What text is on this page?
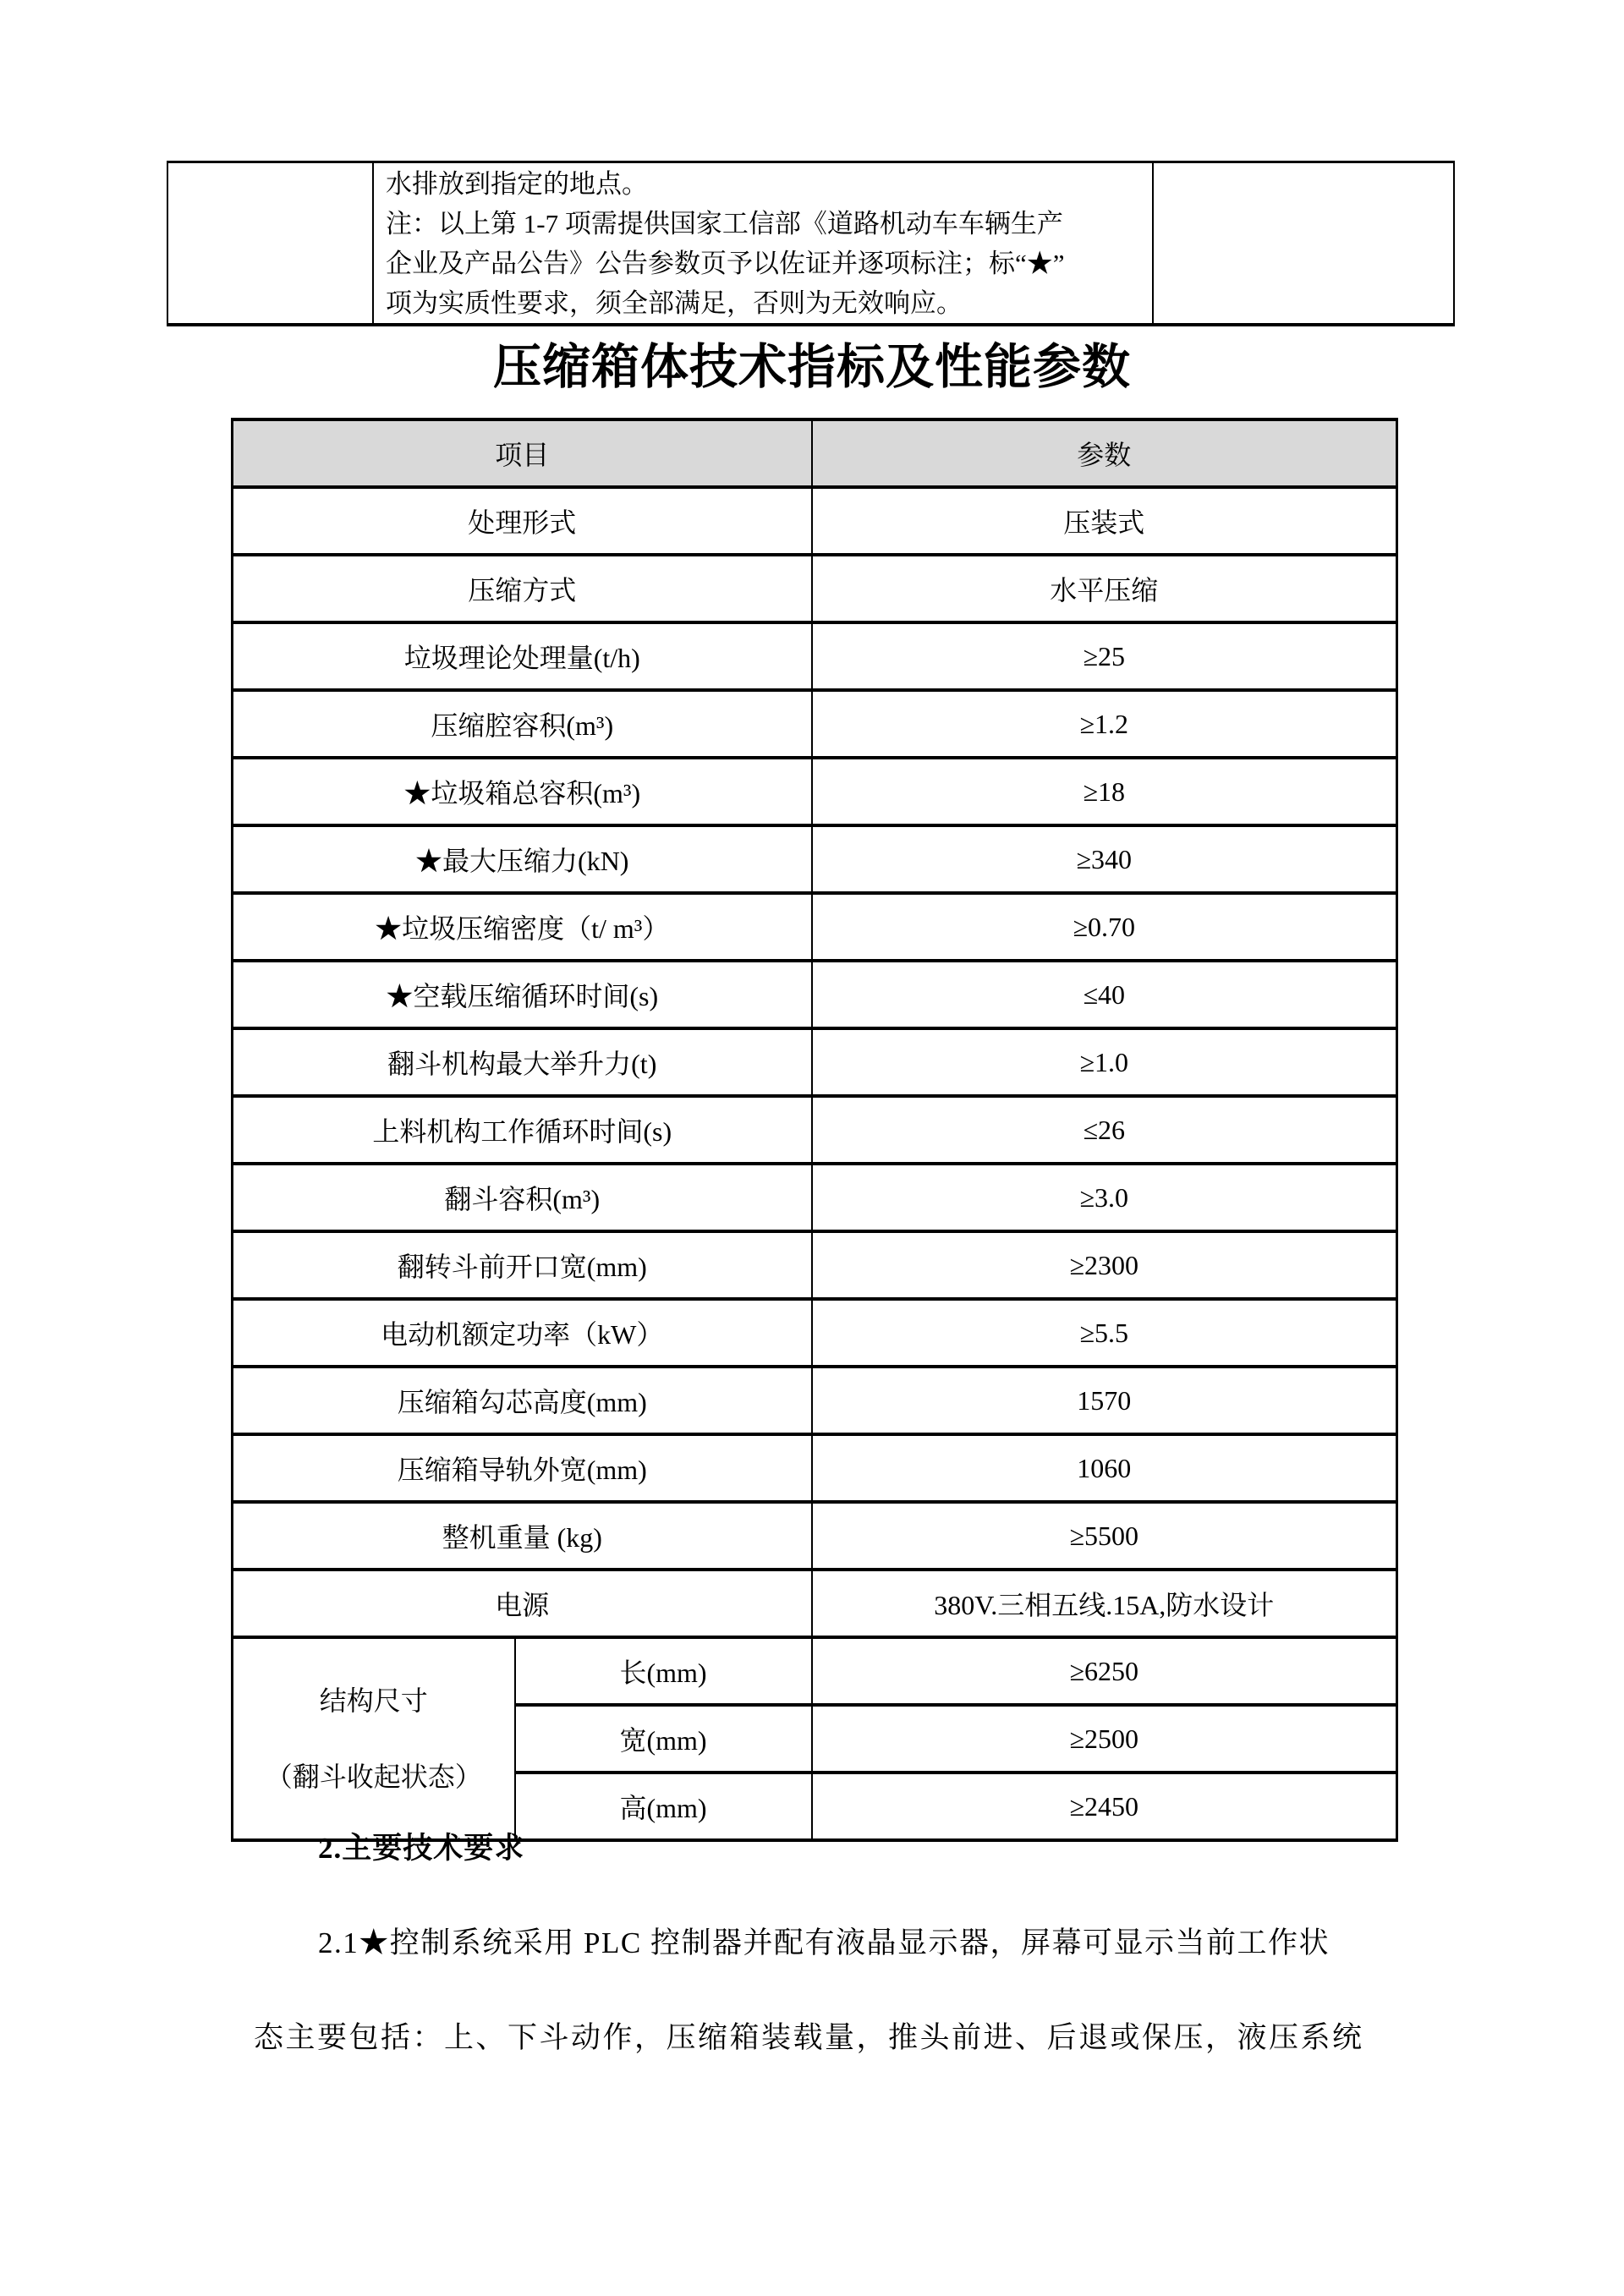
水排放到指定的地点。
注：以上第 1-7 项需提供国家工信部《道路机动车车辆生产
企业及产品公告》公告参数页予以佐证并逐项标注；标“★”
项为实质性要求，须全部满足，否则为无效响应。
压缩箱体技术指标及性能参数
项目		参数
处理形式		压装式
压缩方式		水平压缩
垃圾理论处理量(t/h)		≥25
压缩腔容积(m³)		≥1.2
★垃圾箱总容积(m³)		≥18
★最大压缩力(kN)		≥340
★垃圾压缩密度（t/ m³）		≥0.70
★空载压缩循环时间(s)		≤40
翻斗机构最大举升力(t)		≥1.0
上料机构工作循环时间(s)		≤26
翻斗容积(m³)		≥3.0
翻转斗前开口宽(mm)		≥2300
电动机额定功率（kW）		≥5.5
压缩箱勾芯高度(mm)		1570
压缩箱导轨外宽(mm)		1060
整机重量 (kg)		≥5500
电源		380V.三相五线.15A,防水设计

结构尺寸
（翻斗收起状态）	长(mm)	≥6250
	宽(mm)	≥2500
	高(mm)	≥2450
2.主要技术要求
2.1★控制系统采用 PLC 控制器并配有液晶显示器，屏幕可显示当前工作状
态主要包括：上、下斗动作，压缩箱装载量，推头前进、后退或保压，液压系统
